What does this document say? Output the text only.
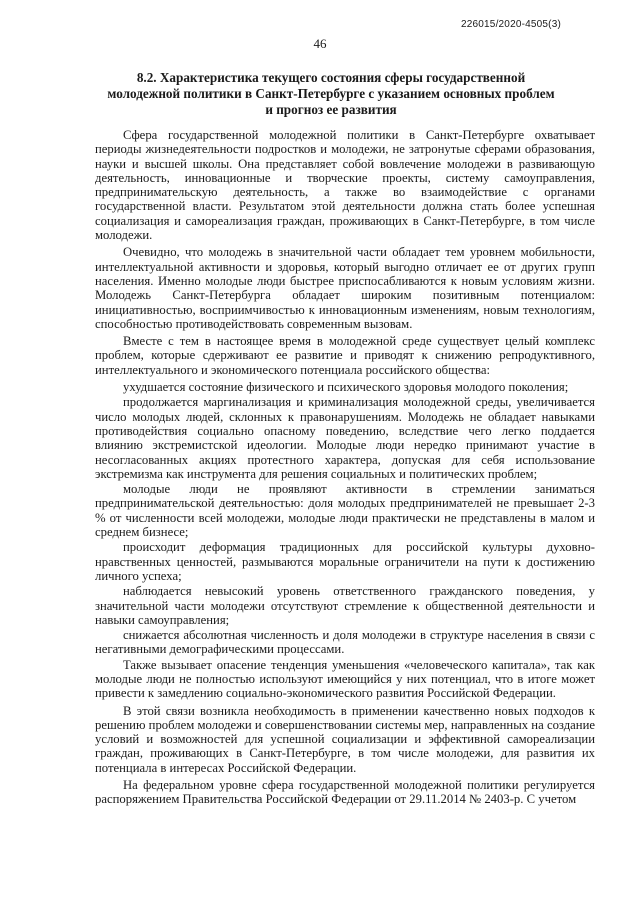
226015/2020-4505(3)
46
8.2. Характеристика текущего состояния сферы государственной
молодежной политики в Санкт-Петербурге с указанием основных проблем
и прогноз ее развития

Сфера государственной молодежной политики в Санкт-Петербурге охватывает периоды жизнедеятельности подростков и молодежи, не затронутые сферами образования, науки и высшей школы. Она представляет собой вовлечение молодежи в развивающую деятельность, инновационные и творческие проекты, систему самоуправления, предпринимательскую деятельность, а также во взаимодействие с органами государственной власти. Результатом этой деятельности должна стать более успешная социализация и самореализация граждан, проживающих в Санкт-Петербурге, в том числе молодежи.

Очевидно, что молодежь в значительной части обладает тем уровнем мобильности, интеллектуальной активности и здоровья, который выгодно отличает ее от других групп населения. Именно молодые люди быстрее приспосабливаются к новым условиям жизни. Молодежь Санкт-Петербурга обладает широким позитивным потенциалом: инициативностью, восприимчивостью к инновационным изменениям, новым технологиям, способностью противодействовать современным вызовам.

Вместе с тем в настоящее время в молодежной среде существует целый комплекс проблем, которые сдерживают ее развитие и приводят к снижению репродуктивного, интеллектуального и экономического потенциала российского общества:

ухудшается состояние физического и психического здоровья молодого поколения;

продолжается маргинализация и криминализация молодежной среды, увеличивается число молодых людей, склонных к правонарушениям. Молодежь не обладает навыками противодействия социально опасному поведению, вследствие чего легко поддается влиянию экстремистской идеологии. Молодые люди нередко принимают участие в несогласованных акциях протестного характера, допуская для себя использование экстремизма как инструмента для решения социальных и политических проблем;

молодые люди не проявляют активности в стремлении заниматься предпринимательской деятельностью: доля молодых предпринимателей не превышает 2-3 % от численности всей молодежи, молодые люди практически не представлены в малом и среднем бизнесе;

происходит деформация традиционных для российской культуры духовно-нравственных ценностей, размываются моральные ограничители на пути к достижению личного успеха;

наблюдается невысокий уровень ответственного гражданского поведения, у значительной части молодежи отсутствуют стремление к общественной деятельности и навыки самоуправления;

снижается абсолютная численность и доля молодежи в структуре населения в связи с негативными демографическими процессами.

Также вызывает опасение тенденция уменьшения «человеческого капитала», так как молодые люди не полностью используют имеющийся у них потенциал, что в итоге может привести к замедлению социально-экономического развития Российской Федерации.

В этой связи возникла необходимость в применении качественно новых подходов к решению проблем молодежи и совершенствовании системы мер, направленных на создание условий и возможностей для успешной социализации и эффективной самореализации граждан, проживающих в Санкт-Петербурге, в том числе молодежи, для развития их потенциала в интересах Российской Федерации.

На федеральном уровне сфера государственной молодежной политики регулируется распоряжением Правительства Российской Федерации от 29.11.2014 № 2403-р. С учетом
